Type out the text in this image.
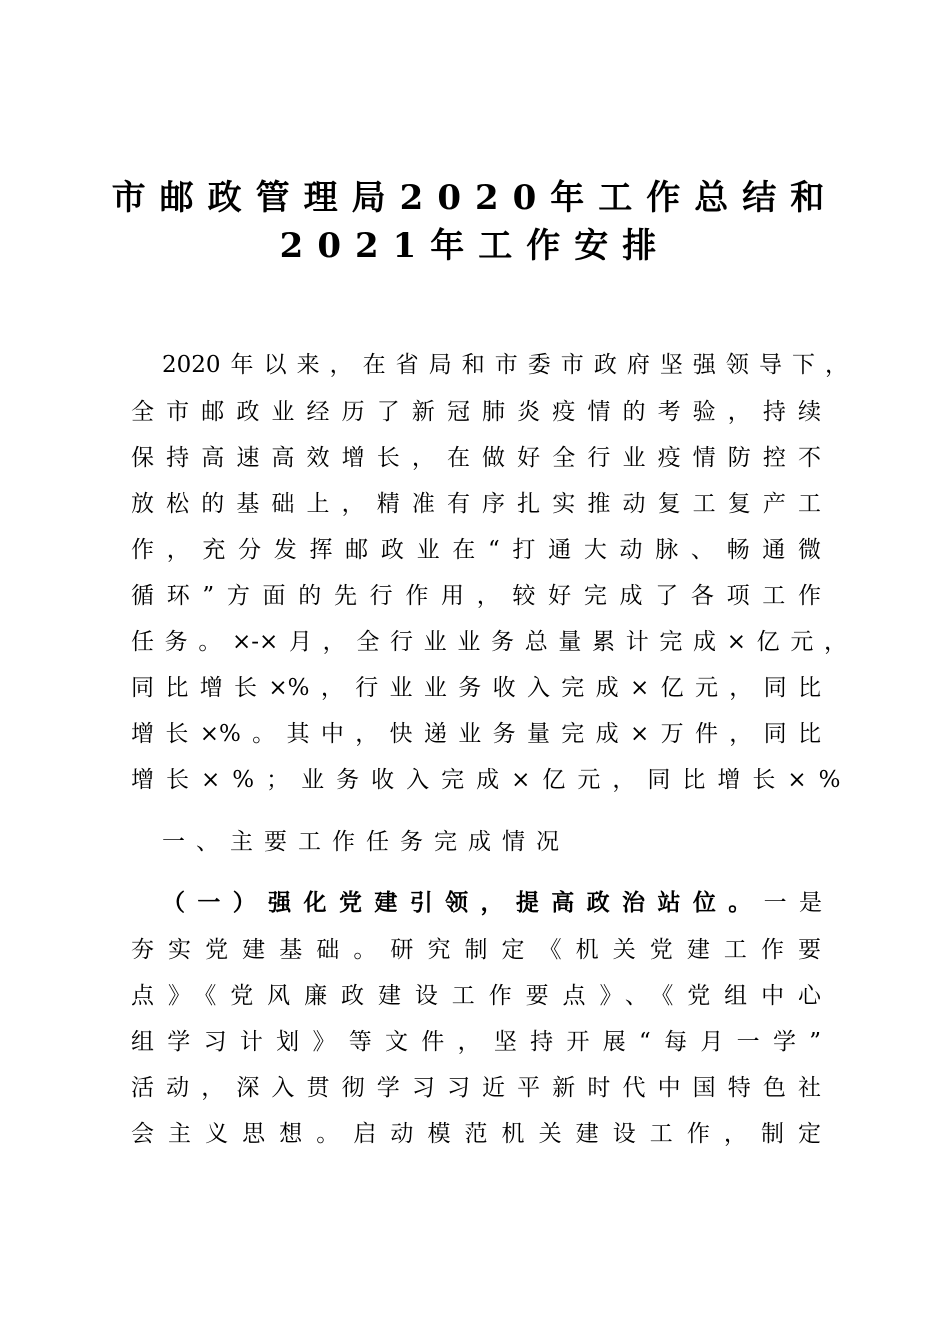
市邮政管理局2020年工作总结和
2021年工作安排
2020年以来，在省局和市委市政府坚强领导下，
全市邮政业经历了新冠肺炎疫情的考验，持续
保持高速高效增长，在做好全行业疫情防控不
放松的基础上，精准有序扎实推动复工复产工
作，充分发挥邮政业在“打通大动脉、畅通微
循环”方面的先行作用，较好完成了各项工作
任务。×-×月，全行业业务总量累计完成×亿元，
同比增长×%，行业业务收入完成×亿元，同比
增长×%。其中，快递业务量完成×万件，同比
增长×%；业务收入完成×亿元，同比增长×%
一、主要工作任务完成情况
（一）强化党建引领，提高政治站位。一是
夯实党建基础。研究制定《机关党建工作要
点》《党风廉政建设工作要点》、《党组中心
组学习计划》等文件，坚持开展“每月一学”
活动，深入贯彻学习习近平新时代中国特色社
会主义思想。启动模范机关建设工作，制定
